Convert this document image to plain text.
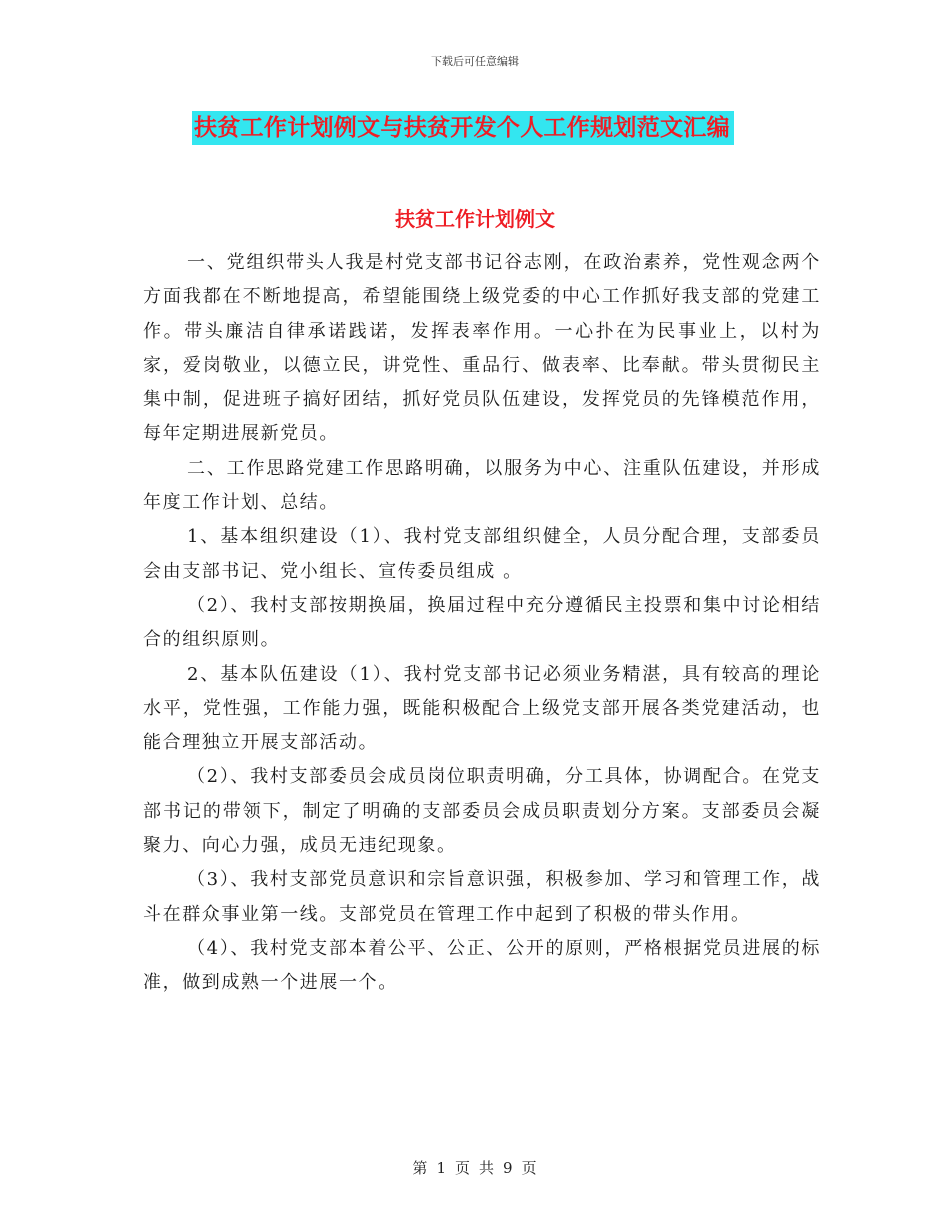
下载后可任意编辑
扶贫工作计划例文与扶贫开发个人工作规划范文汇编
扶贫工作计划例文

一、党组织带头人我是村党支部书记谷志刚，在政治素养，党性观念两个方面我都在不断地提高，希望能围绕上级党委的中心工作抓好我支部的党建工作。带头廉洁自律承诺践诺，发挥表率作用。一心扑在为民事业上，以村为家，爱岗敬业，以德立民，讲党性、重品行、做表率、比奉献。带头贯彻民主集中制，促进班子搞好团结，抓好党员队伍建设，发挥党员的先锋模范作用，每年定期进展新党员。

二、工作思路党建工作思路明确，以服务为中心、注重队伍建设，并形成年度工作计划、总结。

1、基本组织建设（1）、我村党支部组织健全，人员分配合理，支部委员会由支部书记、党小组长、宣传委员组成 。

（2）、我村支部按期换届，换届过程中充分遵循民主投票和集中讨论相结合的组织原则。

2、基本队伍建设（1）、我村党支部书记必须业务精湛，具有较高的理论水平，党性强，工作能力强，既能积极配合上级党支部开展各类党建活动，也能合理独立开展支部活动。

（2）、我村支部委员会成员岗位职责明确，分工具体，协调配合。在党支部书记的带领下，制定了明确的支部委员会成员职责划分方案。支部委员会凝聚力、向心力强，成员无违纪现象。

（3）、我村支部党员意识和宗旨意识强，积极参加、学习和管理工作，战斗在群众事业第一线。支部党员在管理工作中起到了积极的带头作用。

（4）、我村党支部本着公平、公正、公开的原则，严格根据党员进展的标准，做到成熟一个进展一个。

第 1 页 共 9 页
